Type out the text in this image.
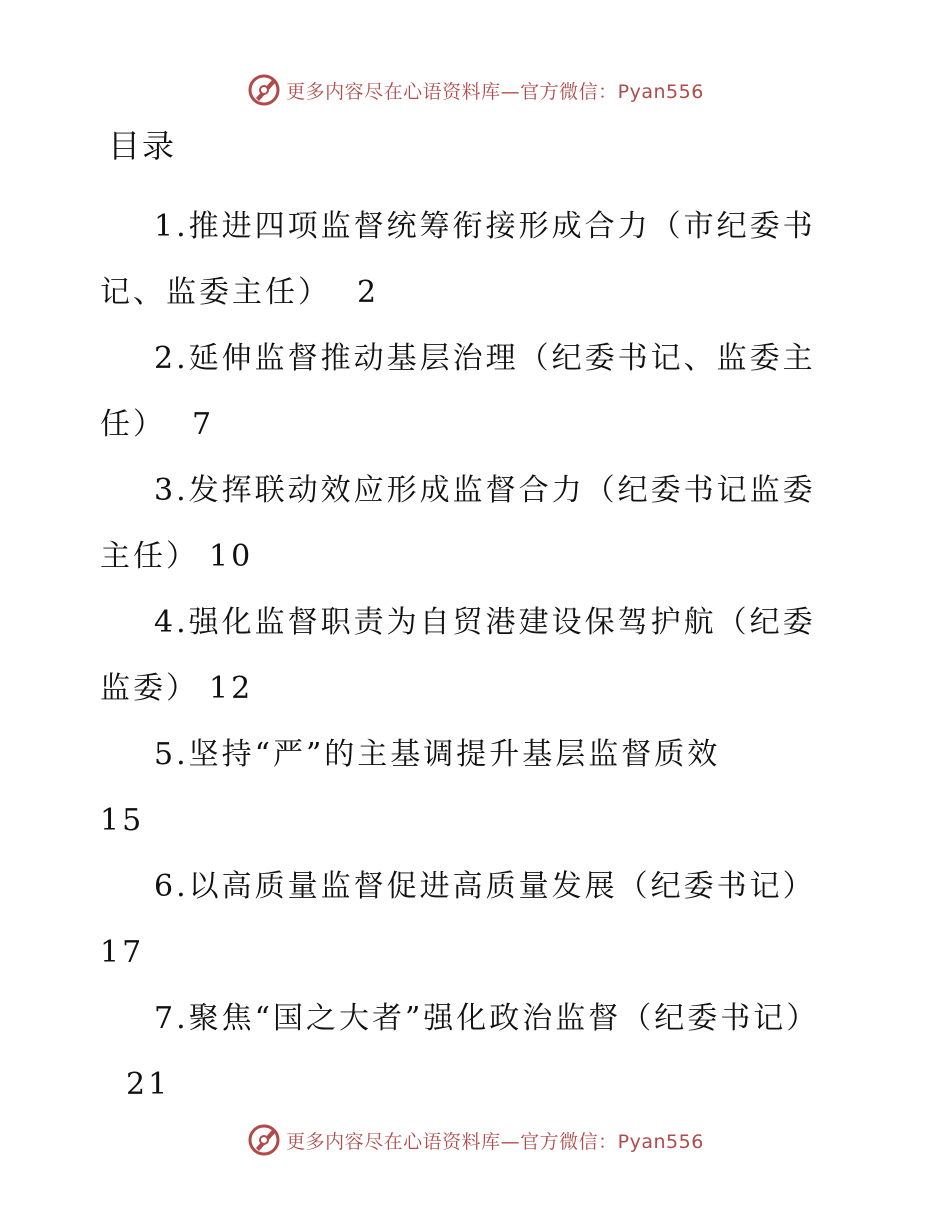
更多内容尽在心语资料库—官方微信：Pyan556
目录
1.推进四项监督统筹衔接形成合力（市纪委书记、监委主任） 2
2.延伸监督推动基层治理（纪委书记、监委主任） 7
3.发挥联动效应形成监督合力（纪委书记监委主任） 10
4.强化监督职责为自贸港建设保驾护航（纪委监委） 12
5.坚持“严”的主基调提升基层监督质效
15
6.以高质量监督促进高质量发展（纪委书记）
17
7.聚焦“国之大者”强化政治监督（纪委书记）21
更多内容尽在心语资料库—官方微信：Pyan556
